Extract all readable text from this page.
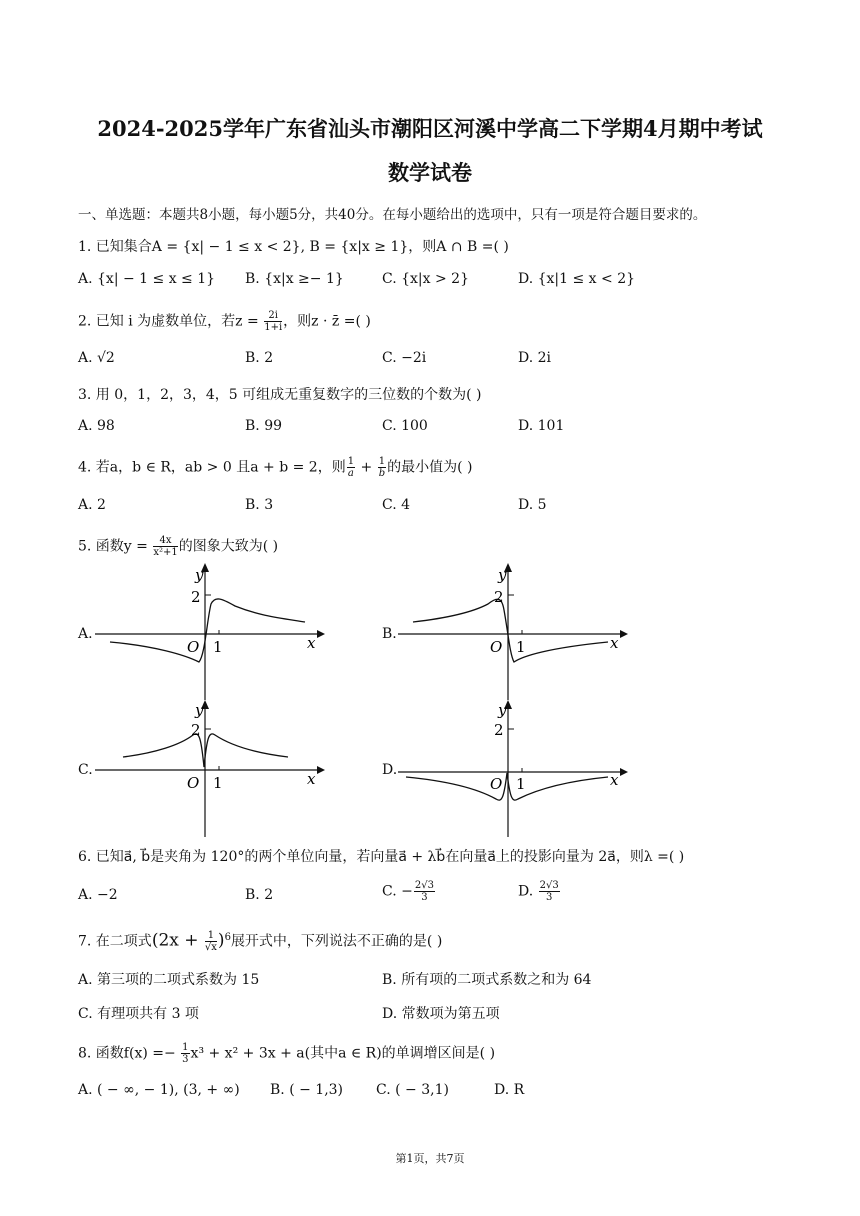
2024-2025学年广东省汕头市潮阳区河溪中学高二下学期4月期中考试
数学试卷
一、单选题：本题共8小题，每小题5分，共40分。在每小题给出的选项中，只有一项是符合题目要求的。
1. 已知集合A = {x| − 1 ≤ x < 2}, B = {x|x ≥ 1}，则A ∩ B =( )
A. {x| − 1 ≤ x ≤ 1} B. {x|x ≥− 1}	C. {x|x > 2}	D. {x|1 ≤ x < 2}
2. 已知 i 为虚数单位，若$z = \frac{2i}{1+i}$ ，则z · z̄ =( )
A. √2	B. 2	C. −2i	D. 2i
3. 用 0，1，2，3，4，5 可组成无重复数字的三位数的个数为( )
A. 98	B. 99	C. 100	D. 101
4. 若a，b ∈ R，ab > 0 且a + b = 2，则 $\frac{1}{a} + \frac{1}{b}$ 的最小值为( )
A. 2	B. 3	C. 4	D. 5
5. 函数$y = \frac{4x}{\text{x²+1}}$ 的图象大致为( )
A.	B.
C.	D.
y
2
O 1	x
y
2
O 1	x
y
2
O 1	x
y
2
O 1	x
6. 已知a⃗, b⃗是夹角为 120°的两个单位向量，若向量a⃗ + λb⃗在向量a⃗上的投影向量为 2a⃗，则λ =( )
A. −2	B. 2	C. − $\frac{2√3}{3}$	D. $\frac{2√3}{3}$
7. 在二项式$(2x + \frac{1}{√x} )^6$展开式中，下列说法不正确的是( )
A. 第三项的二项式系数为 15	B. 所有项的二项式系数之和为 64
C. 有理项共有 3 项	D. 常数项为第五项
8. 函数$f(x) =- \frac{1}{3} x^3 + x^2 + 3x + a$(其中a ∈ R)的单调增区间是( )
A. ( − ∞, − 1), (3, + ∞) B. ( − 1,3) C. ( − 3,1)	D. R
第1页，共7页
